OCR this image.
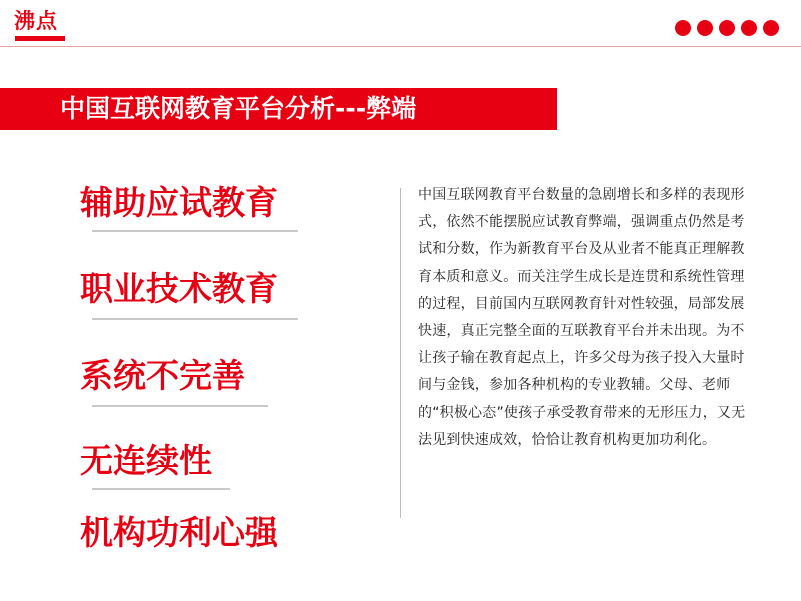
沸点
中国互联网教育平台分析---弊端
辅助应试教育
职业技术教育
系统不完善
无连续性
机构功利心强
中国互联网教育平台数量的急剧增长和多样的表现形式，依然不能摆脱应试教育弊端，强调重点仍然是考试和分数，作为新教育平台及从业者不能真正理解教育本质和意义。而关注学生成长是连贯和系统性管理的过程，目前国内互联网教育针对性较强，局部发展快速，真正完整全面的互联教育平台并未出现。为不让孩子输在教育起点上，许多父母为孩子投入大量时间与金钱，参加各种机构的专业教辅。父母、老师的“积极心态”使孩子承受教育带来的无形压力，又无法见到快速成效，恰恰让教育机构更加功利化。
